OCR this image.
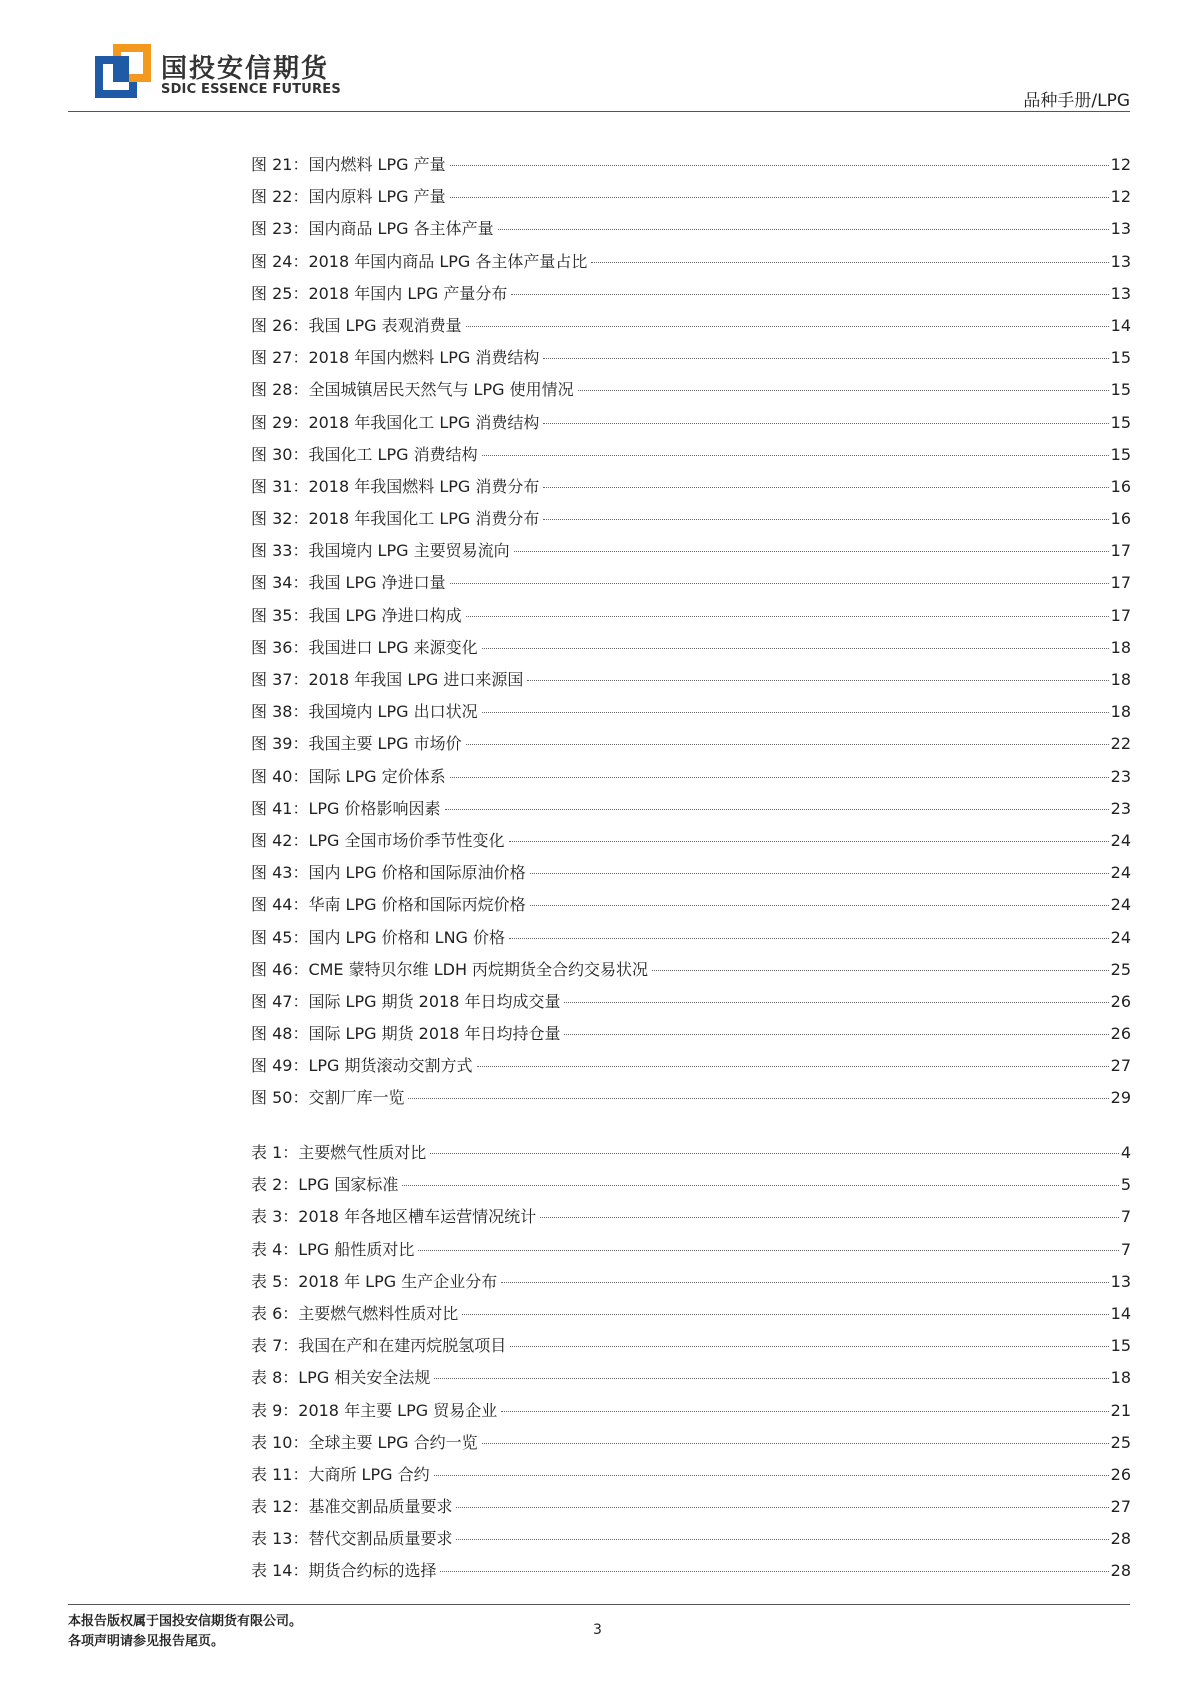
国投安信期货
SDIC ESSENCE FUTURES
品种手册/LPG
图 21：国内燃料 LPG 产量	12
图 22：国内原料 LPG 产量	12
图 23：国内商品 LPG 各主体产量	13
图 24：2018 年国内商品 LPG 各主体产量占比	13
图 25：2018 年国内 LPG 产量分布	13
图 26：我国 LPG 表观消费量	14
图 27：2018 年国内燃料 LPG 消费结构	15
图 28：全国城镇居民天然气与 LPG 使用情况	15
图 29：2018 年我国化工 LPG 消费结构	15
图 30：我国化工 LPG 消费结构	15
图 31：2018 年我国燃料 LPG 消费分布	16
图 32：2018 年我国化工 LPG 消费分布	16
图 33：我国境内 LPG 主要贸易流向	17
图 34：我国 LPG 净进口量	17
图 35：我国 LPG 净进口构成	17
图 36：我国进口 LPG 来源变化	18
图 37：2018 年我国 LPG 进口来源国	18
图 38：我国境内 LPG 出口状况	18
图 39：我国主要 LPG 市场价	22
图 40：国际 LPG 定价体系	23
图 41：LPG 价格影响因素	23
图 42：LPG 全国市场价季节性变化	24
图 43：国内 LPG 价格和国际原油价格	24
图 44：华南 LPG 价格和国际丙烷价格	24
图 45：国内 LPG 价格和 LNG 价格	24
图 46：CME 蒙特贝尔维 LDH 丙烷期货全合约交易状况	25
图 47：国际 LPG 期货 2018 年日均成交量	26
图 48：国际 LPG 期货 2018 年日均持仓量	26
图 49：LPG 期货滚动交割方式	27
图 50：交割厂库一览	29
表 1：主要燃气性质对比	4
表 2：LPG 国家标准	5
表 3：2018 年各地区槽车运营情况统计	7
表 4：LPG 船性质对比	7
表 5：2018 年 LPG 生产企业分布	13
表 6：主要燃气燃料性质对比	14
表 7：我国在产和在建丙烷脱氢项目	15
表 8：LPG 相关安全法规	18
表 9：2018 年主要 LPG 贸易企业	21
表 10：全球主要 LPG 合约一览	25
表 11：大商所 LPG 合约	26
表 12：基准交割品质量要求	27
表 13：替代交割品质量要求	28
表 14：期货合约标的选择	28
本报告版权属于国投安信期货有限公司。
各项声明请参见报告尾页。
3
